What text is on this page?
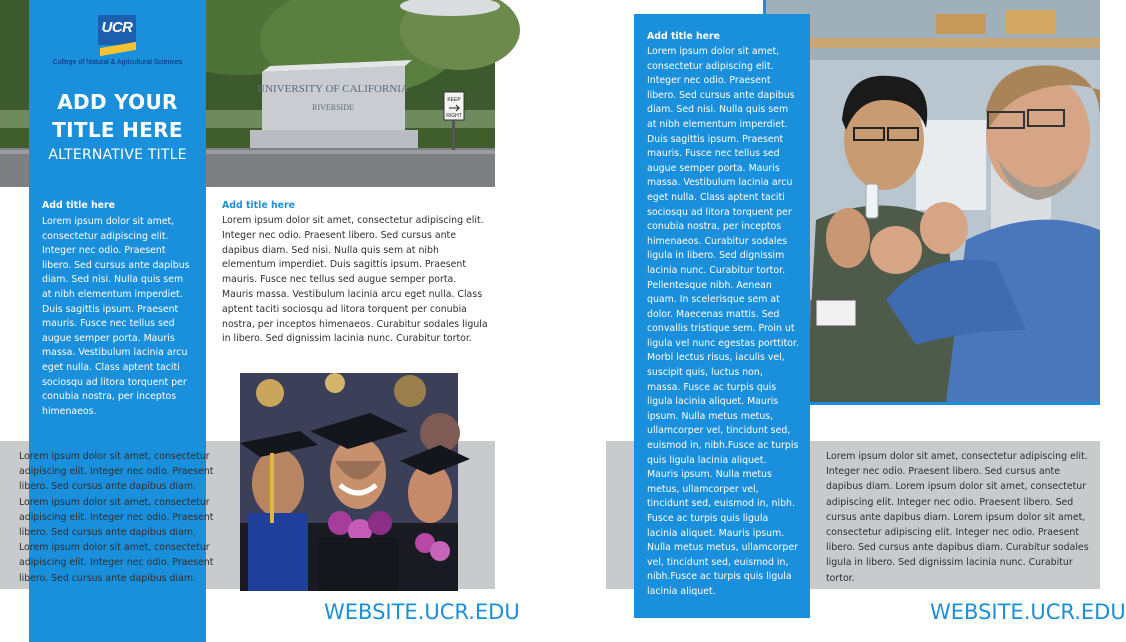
UNIVERSITY OF CALIFORNIA
RIVERSIDE
KEEP
RIGHT
UCR
College of Natural & Agricultural Sciences
ADD YOUR TITLE HERE
ALTERNATIVE TITLE
Add title here
Lorem ipsum dolor sit amet, consectetur adipiscing elit. Integer nec odio. Praesent libero. Sed cursus ante dapibus diam. Sed nisi. Nulla quis sem at nibh elementum imperdiet. Duis sagittis ipsum. Praesent mauris. Fusce nec tellus sed augue semper porta. Mauris massa. Vestibulum lacinia arcu eget nulla. Class aptent taciti sociosqu ad litora torquent per conubia nostra, per inceptos himenaeos.
Add title here
Lorem ipsum dolor sit amet, consectetur adipiscing elit. Integer nec odio. Praesent libero. Sed cursus ante dapibus diam. Sed nisi. Nulla quis sem at nibh elementum imperdiet. Duis sagittis ipsum. Praesent mauris. Fusce nec tellus sed augue semper porta. Mauris massa. Vestibulum lacinia arcu eget nulla. Class aptent taciti sociosqu ad litora torquent per conubia nostra, per inceptos himenaeos. Curabitur sodales ligula in libero. Sed dignissim lacinia nunc. Curabitur tortor.
Lorem ipsum dolor sit amet, consectetur adipiscing elit. Integer nec odio. Praesent libero. Sed cursus ante dapibus diam. Lorem ipsum dolor sit amet, consectetur adipiscing elit. Integer nec odio. Praesent libero. Sed cursus ante dapibus diam. Lorem ipsum dolor sit amet, consectetur adipiscing elit. Integer nec odio. Praesent libero. Sed cursus ante dapibus diam.
WEBSITE.UCR.EDU
Add title here
Lorem ipsum dolor sit amet, consectetur adipiscing elit. Integer nec odio. Praesent libero. Sed cursus ante dapibus diam. Sed nisi. Nulla quis sem at nibh elementum imperdiet. Duis sagittis ipsum. Praesent mauris. Fusce nec tellus sed augue semper porta. Mauris massa. Vestibulum lacinia arcu eget nulla. Class aptent taciti sociosqu ad litora torquent per conubia nostra, per inceptos himenaeos. Curabitur sodales ligula in libero. Sed dignissim lacinia nunc. Curabitur tortor. Pellentesque nibh. Aenean quam. In scelerisque sem at dolor. Maecenas mattis. Sed convallis tristique sem. Proin ut ligula vel nunc egestas porttitor. Morbi lectus risus, iaculis vel, suscipit quis, luctus non, massa. Fusce ac turpis quis ligula lacinia aliquet. Mauris ipsum. Nulla metus metus, ullamcorper vel, tincidunt sed, euismod in, nibh.Fusce ac turpis quis ligula lacinia aliquet. Mauris ipsum. Nulla metus metus, ullamcorper vel, tincidunt sed, euismod in, nibh. Fusce ac turpis quis ligula lacinia aliquet. Mauris ipsum. Nulla metus metus, ullamcorper vel, tincidunt sed, euismod in, nibh.Fusce ac turpis quis ligula lacinia aliquet.
Lorem ipsum dolor sit amet, consectetur adipiscing elit. Integer nec odio. Praesent libero. Sed cursus ante dapibus diam. Lorem ipsum dolor sit amet, consectetur adipiscing elit. Integer nec odio. Praesent libero. Sed cursus ante dapibus diam. Lorem ipsum dolor sit amet, consectetur adipiscing elit. Integer nec odio. Praesent libero. Sed cursus ante dapibus diam. Curabitur sodales ligula in libero. Sed dignissim lacinia nunc. Curabitur tortor.
WEBSITE.UCR.EDU
